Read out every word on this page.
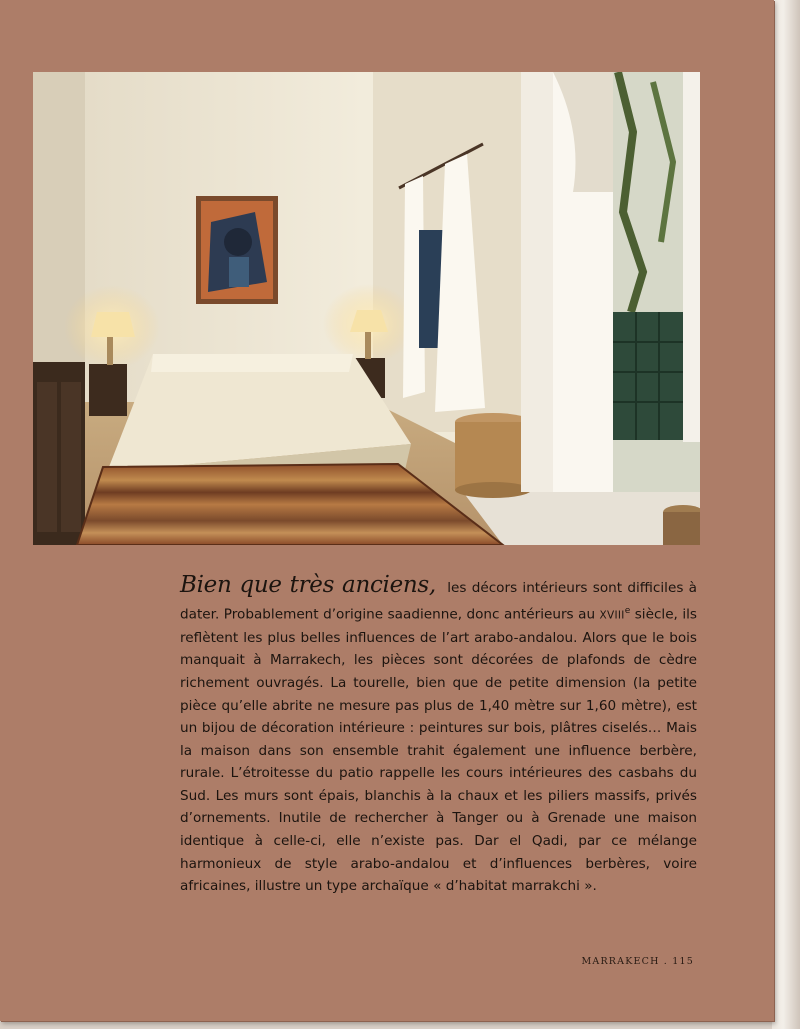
Bien que très anciens, les décors intérieurs sont difficiles à dater. Probablement d’origine saadienne, donc antérieurs au XVIIIe siècle, ils reflètent les plus belles influences de l’art arabo-andalou. Alors que le bois manquait à Marrakech, les pièces sont décorées de plafonds de cèdre richement ouvragés. La tourelle, bien que de petite dimension (la petite pièce qu’elle abrite ne mesure pas plus de 1,40 mètre sur 1,60 mètre), est un bijou de décoration intérieure : peintures sur bois, plâtres ciselés… Mais la maison dans son ensemble trahit également une influence berbère, rurale. L’étroitesse du patio rappelle les cours intérieures des casbahs du Sud. Les murs sont épais, blanchis à la chaux et les piliers massifs, privés d’ornements. Inutile de rechercher à Tanger ou à Grenade une maison identique à celle-ci, elle n’existe pas. Dar el Qadi, par ce mélange harmonieux de style arabo-andalou et d’influences berbères, voire africaines, illustre un type archaïque « d’habitat marrakchi ».
MARRAKECH . 115
